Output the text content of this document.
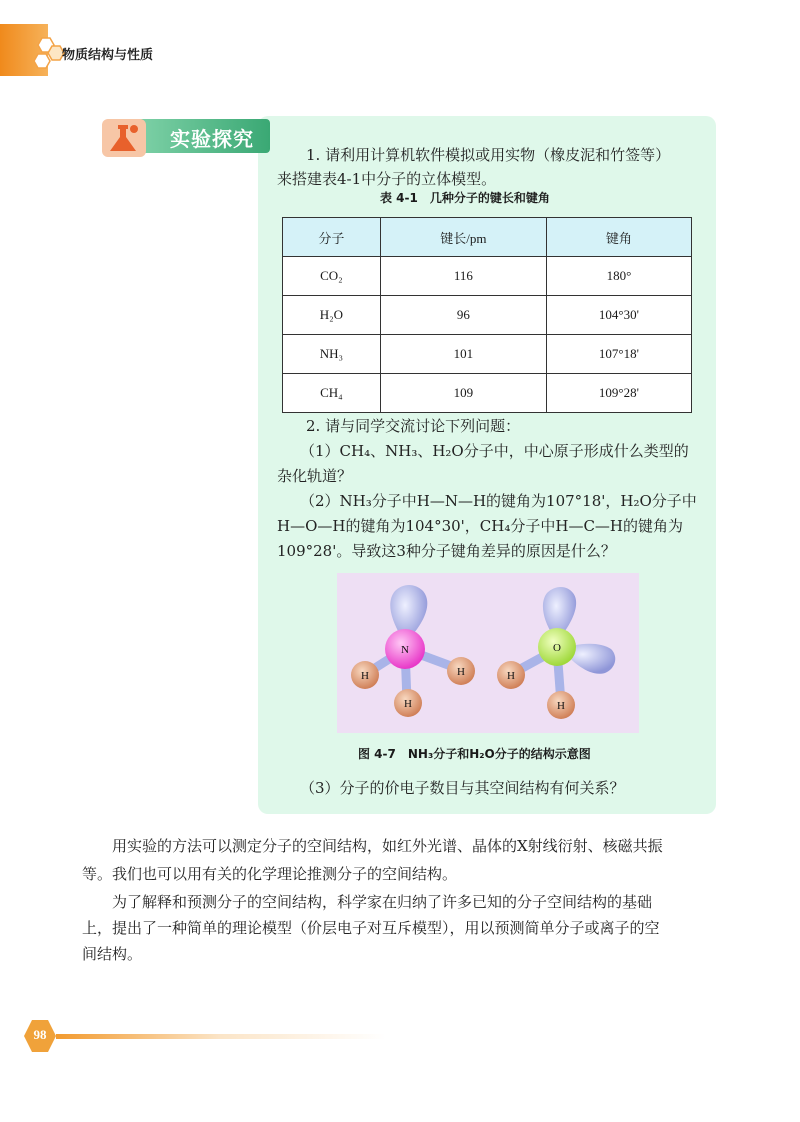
物质结构与性质
实验探究
1. 请利用计算机软件模拟或用实物（橡皮泥和竹签等）
来搭建表4-1中分子的立体模型。
表 4-1　几种分子的键长和键角
分子	键长/pm	键角
CO₂	116	180°
H₂O	96	104°30'
NH₃	101	107°18'
CH₄	109	109°28'
2. 请与同学交流讨论下列问题：
（1）CH₄、NH₃、H₂O分子中，中心原子形成什么类型的
杂化轨道？
（2）NH₃分子中H—N—H的键角为107°18'，H₂O分子中
H—O—H的键角为104°30'，CH₄分子中H—C—H的键角为
109°28'。导致这3种分子键角差异的原因是什么？
N
H	H
H
O
H
H
图 4-7　NH₃分子和H₂O分子的结构示意图
（3）分子的价电子数目与其空间结构有何关系？
用实验的方法可以测定分子的空间结构，如红外光谱、晶体的X射线衍射、核磁共振
等。我们也可以用有关的化学理论推测分子的空间结构。
为了解释和预测分子的空间结构，科学家在归纳了许多已知的分子空间结构的基础
上，提出了一种简单的理论模型（价层电子对互斥模型），用以预测简单分子或离子的空
间结构。
98
